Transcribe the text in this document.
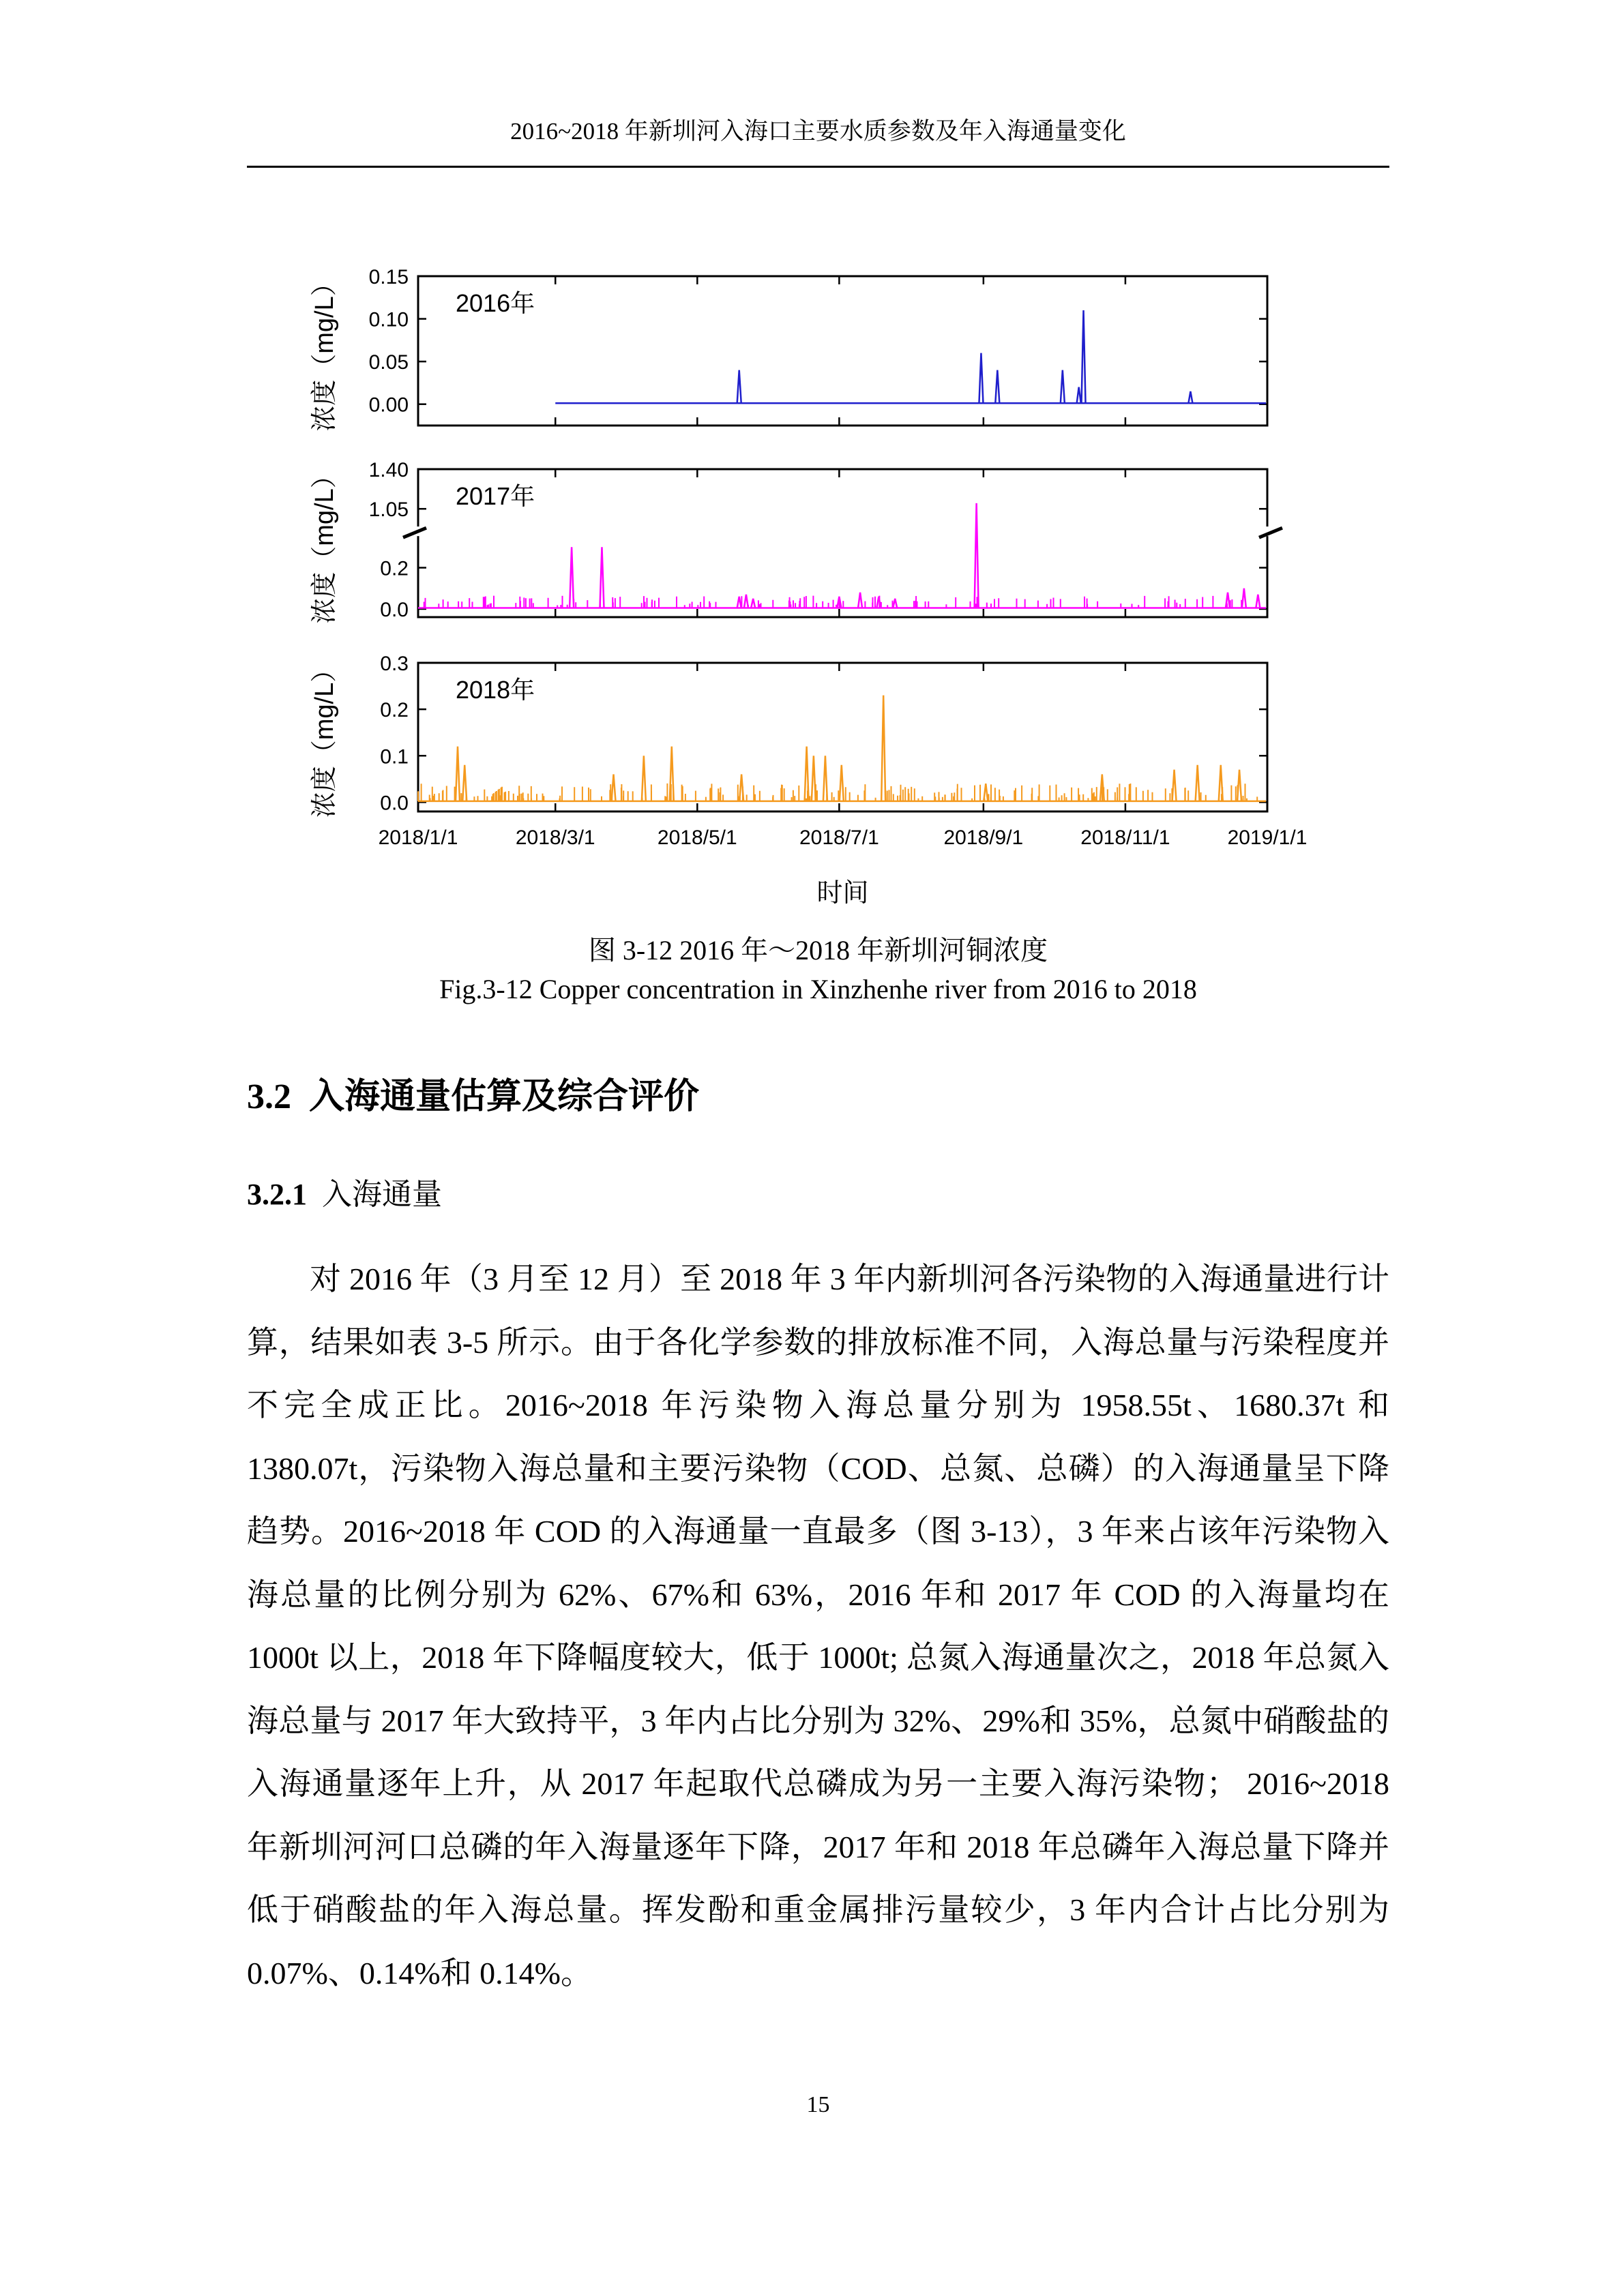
2016~2018 年新圳河入海口主要水质参数及年入海通量变化
0.00
0.05
0.10
0.15
2016年
浓度（mg/L）
0.0
0.2
1.05
1.40
2017年
浓度（mg/L）
0.0
0.1
0.2
0.3
2018年
浓度（mg/L）
2018/1/1	2018/3/1	2018/5/1	2018/7/1	2018/9/1	2018/11/1	2019/1/1
时间
图 3-12 2016 年～2018 年新圳河铜浓度
Fig.3-12 Copper concentration in Xinzhenhe river from 2016 to 2018
3.2 入海通量估算及综合评价
3.2.1 入海通量

对 2016 年（3 月至 12 月）至 2018 年 3 年内新圳河各污染物的入海通量进行计算，结果如表 3-5 所示。由于各化学参数的排放标准不同，入海总量与污染程度并不完全成正比。2016~2018 年污染物入海总量分别为 1958.55t、1680.37t 和 1380.07t，污染物入海总量和主要污染物（COD、总氮、总磷）的入海通量呈下降趋势。2016~2018 年 COD 的入海通量一直最多（图 3-13），3 年来占该年污染物入海总量的比例分别为 62%、67%和 63%，2016 年和 2017 年 COD 的入海量均在 1000t 以上，2018 年下降幅度较大，低于 1000t; 总氮入海通量次之，2018 年总氮入海总量与 2017 年大致持平，3 年内占比分别为 32%、29%和 35%，总氮中硝酸盐的入海通量逐年上升，从 2017 年起取代总磷成为另一主要入海污染物； 2016~2018 年新圳河河口总磷的年入海量逐年下降，2017 年和 2018 年总磷年入海总量下降并低于硝酸盐的年入海总量。挥发酚和重金属排污量较少，3 年内合计占比分别为 0.07%、0.14%和 0.14%。

15
